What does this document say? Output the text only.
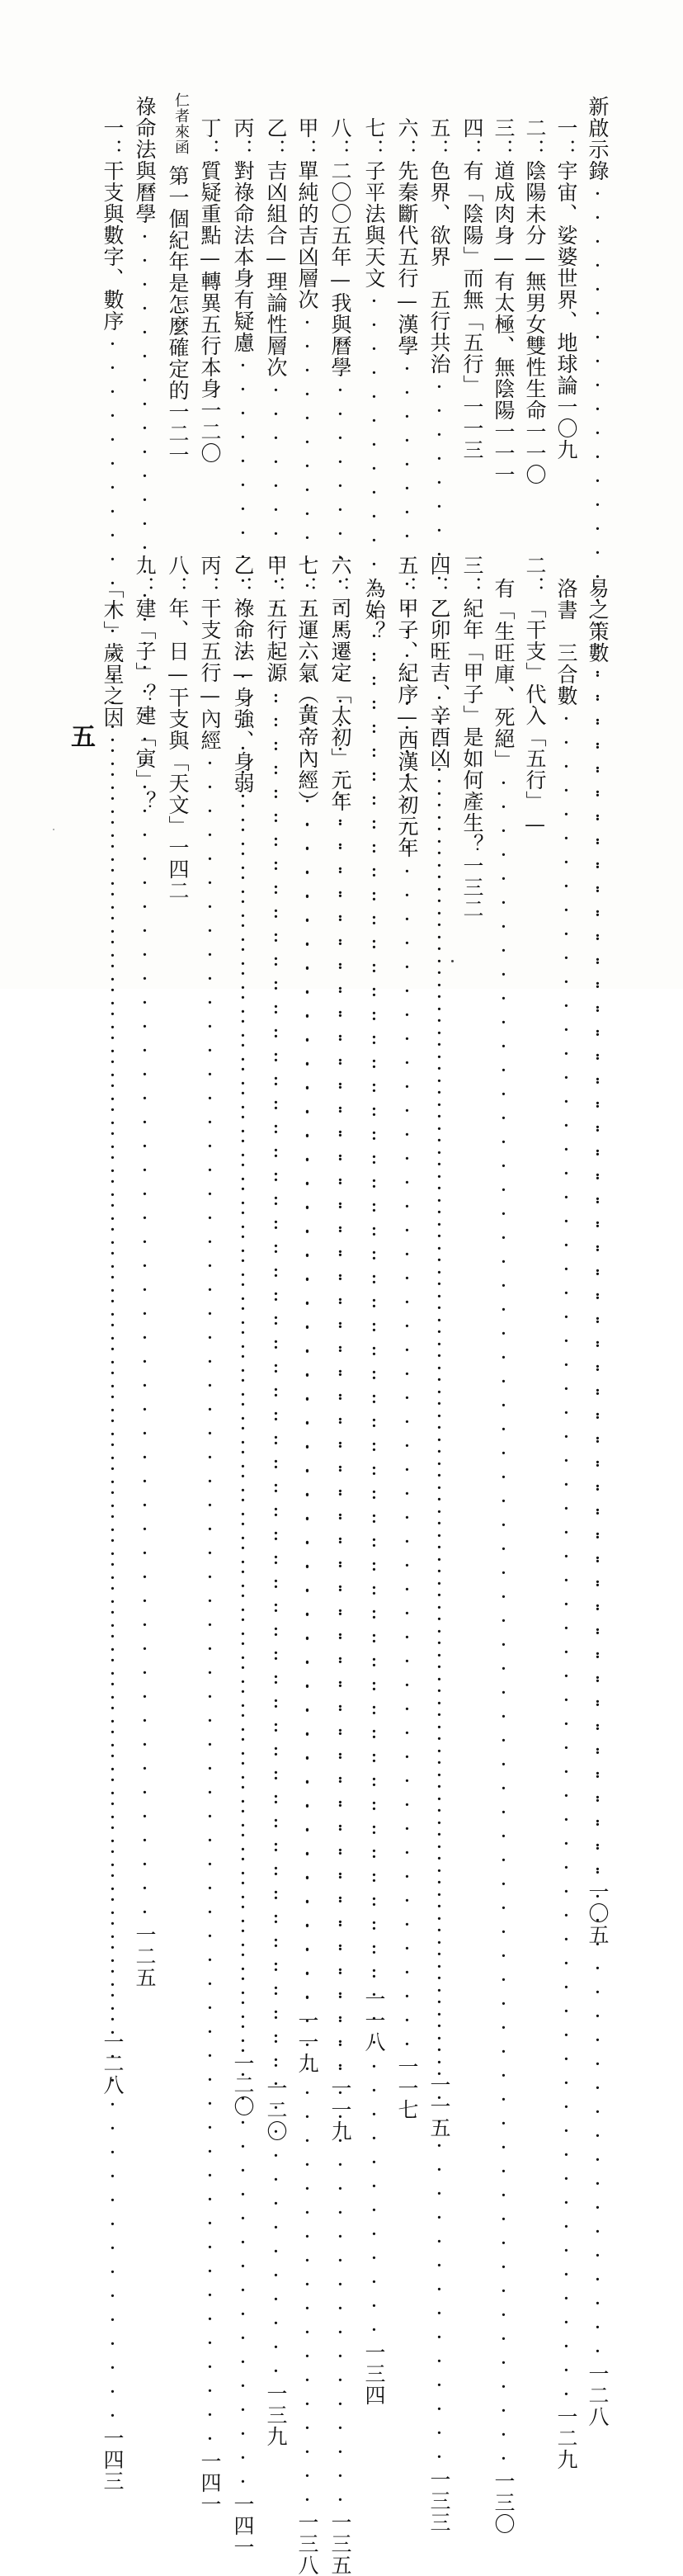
新啟示錄
·····
一〇五
一：宇宙、娑婆世界、地球論
一〇九
二：陰陽未分—無男女雙性生命
一一〇
三：道成肉身—有太極、無陰陽
一一一
四：有「陰陽」而無「五行」
一一三
五：色界、欲界　五行共治
·····
一一五
六：先秦斷代五行—漢學
·····
一一七
七：子平法與天文
·····
一一八
八：二〇〇五年—我與曆學
·····
一一九
甲：單純的吉凶層次
·····
一一九
乙：吉凶組合—理論性層次
·····
一二〇
丙：對祿命法本身有疑慮
·····
一二〇
丁：質疑重點—轉異五行本身
一二〇
仁者來函
第一個紀年是怎麼確定的
一二一
祿命法與曆學
·····
一二五
一：干支與數字、數序
·····
一二八
易之策數
·····
一二八
洛書　三合數
·····
一二九
二：「干支」代入「五行」—
有「生旺庫、死絕」
·····
一三〇
三：紀年「甲子」是如何產生？
一三二
四：乙卯旺吉、辛酉凶
·····
一三三
五：甲子、紀序—西漢太初元年
為始？
·····
一三四
六：司馬遷定「太初」元年
·····
一三五
七：五運六氣（黃帝內經）
·····
一三八
甲：五行起源
·····
一三九
乙：祿命法—身強、身弱
·····
一四一
丙：干支五行—內經
·····
一四一
八：年、日—干支與「天文」
一四二
九：建「子」？建「寅」？
「木」歲星之因
·····
一四三
五
